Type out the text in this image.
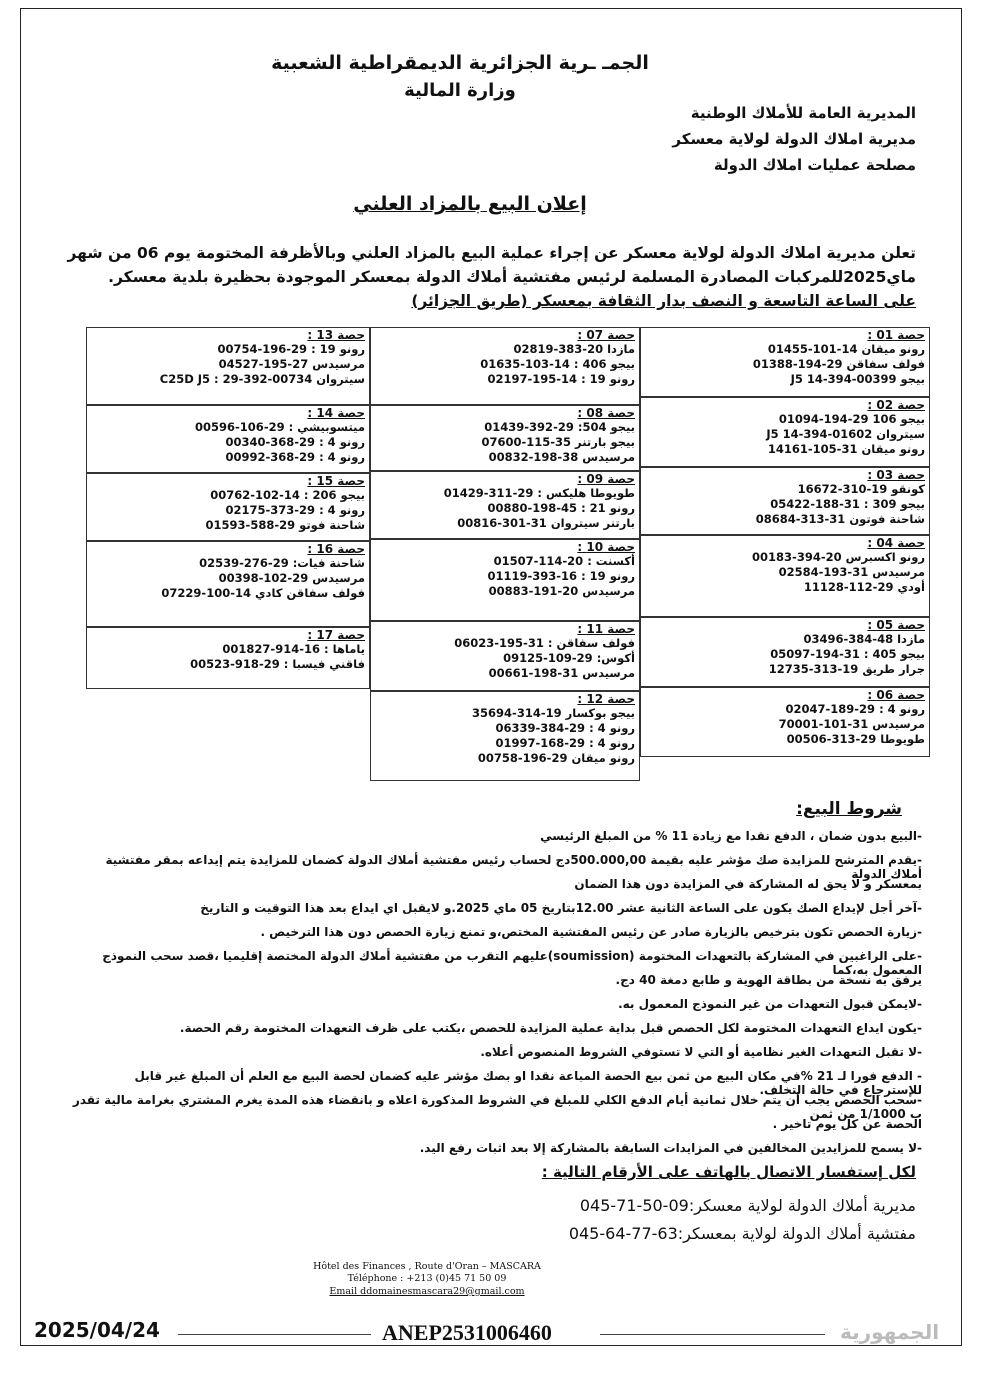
الجمـ ـرية الجزائرية الديمقراطية الشعبية
وزارة المالية
المديرية العامة للأملاك الوطنية
مديرية املاك الدولة لولاية معسكر
مصلحة عمليات املاك الدولة
إعلان البيع بالمزاد العلني
تعلن مديرية املاك الدولة لولاية معسكر عن إجراء عملية البيع بالمزاد العلني وبالأظرفة المختومة يوم 06 من شهر
ماي2025للمركبات المصادرة المسلمة لرئيس مفتشية أملاك الدولة بمعسكر الموجودة بحظيرة بلدية معسكر.
على الساعة التاسعة و النصف بدار الثقافة بمعسكر (طريق الجزائر)
حصة 01 :
رونو ميقان 14-101-01455
فولف سفاقن 29-194-01388
بيجو J5 14-394-00399
حصة 02 :
بيجو 106 29-194-01094
سيتروان J5 14-394-01602
رونو ميقان 31-105-14161
حصة 03 :
كونقو 19-310-16672
بيجو 309 : 31-188-05422
شاحنة فوتون 31-313-08684
حصة 04 :
رونو اكسبرس 20-394-00183
مرسيدس 31-193-02584
أودي 29-112-11128
حصة 05 :
مازدا 48-384-03496
بيجو 405 : 31-194-05097
جرار طريق 19-313-12735
حصة 06 :
رونو 4 : 29-189-02047
مرسيدس 31-101-70001
طويوطا 29-313-00506
حصة 07 :
مازدا 20-383-02819
بيجو 406 : 14-103-01635
رونو 19 : 14-195-02197
حصة 08 :
بيجو 504: 29-392-01439
بيجو بارتنر 35-115-07600
مرسيدس 38-198-00832
حصة 09 :
طويوطا هليكس : 29-311-01429
رونو 21 : 45-198-00880
بارتنر سيتروان 31-301-00816
حصة 10 :
أكسنت : 20-114-01507
رونو 19 : 16-393-01119
مرسيدس 20-191-00883
حصة 11 :
فولف سفاقن : 31-195-06023
أكوس: 29-109-09125
مرسيدس 31-198-00661
حصة 12 :
بيجو بوكسار 19-314-35694
رونو 4 : 29-384-06339
رونو 4 : 29-168-01997
رونو ميقان 29-196-00758
حصة 13 :
رونو 19 : 29-196-00754
مرسيدس 27-195-04527
سيتروان C25D J5 : 29-392-00734
حصة 14 :
ميتسوبيشي : 29-106-00596
رونو 4 : 29-368-00340
رونو 4 : 29-368-00992
حصة 15 :
بيجو 206 : 14-102-00762
رونو 4 : 29-373-02175
شاحنة فوتو 29-588-01593
حصة 16 :
شاحنة فيات: 29-276-02539
مرسيدس 29-102-00398
فولف سفاقن كادي 14-100-07229
حصة 17 :
ياماها : 16-914-001827
فاقني فيسبا : 29-918-00523
شروط البيع:
-البيع بدون ضمان ، الدفع نقدا مع زيادة 11 % من المبلغ الرئيسي
-يقدم المترشح للمزايدة صك مؤشر عليه بقيمة 500.000,00دج لحساب رئيس مفتشية أملاك الدولة كضمان للمزايدة يتم إيداعه بمقر مفتشية أملاك الدولة
بمعسكر و لا يحق له المشاركة في المزايدة دون هذا الضمان
-آخر أجل لإيداع الصك يكون على الساعة الثانية عشر 12.00بتاريخ 05 ماي 2025.و لايقبل اي ايداع بعد هذا التوقيت و التاريخ
-زيارة الحصص تكون بترخيص بالزيارة صادر عن رئيس المفتشية المختص،و تمنع زيارة الحصص دون هذا الترخيص .
-على الراغبين في المشاركة بالتعهدات المختومة (soumission)عليهم التقرب من مفتشية أملاك الدولة المختصة إقليميا ،قصد سحب النموذج المعمول به،كما
يرفق به نسخة من بطاقة الهوية و طابع دمغة 40 دج.
-لايمكن قبول التعهدات من غير النموذج المعمول به.
-يكون ايداع التعهدات المختومة لكل الحصص قبل بداية عملية المزايدة للحصص ،يكتب على ظرف التعهدات المختومة رقم الحصة.
-لا تقبل التعهدات الغير نظامية أو التي لا تستوفي الشروط المنصوص أعلاه.
- الدفع فورا لـ 21 %في مكان البيع من ثمن بيع الحصة المباعة نقدا او بصك مؤشر عليه كضمان لحصة البيع مع العلم أن المبلغ غير قابل للإسترجاع في حالة التخلف.
-سحب الحصص يجب أن يتم خلال ثمانية أيام الدفع الكلي للمبلغ في الشروط المذكورة اعلاه و بانقضاء هذه المدة يغرم المشتري بغرامة مالية تقدر ب 1/1000 من ثمن
الحصة عن كل يوم تاخير .
-لا يسمح للمزايدين المخالفين في المزايدات السابقة بالمشاركة إلا بعد اثبات رفع اليد.
لكل إستفسار الاتصال بالهاتف على الأرقام التالية :
مديرية أملاك الدولة لولاية معسكر:09-50-71-045
مفتشية أملاك الدولة لولاية بمعسكر:63-77-64-045
Hôtel des Finances , Route d'Oran – MASCARA
Téléphone : +213 (0)45 71 50 09
Email ddomainesmascara29@gmail.com
2025/04/24	ANEP2531006460	الجمهورية
